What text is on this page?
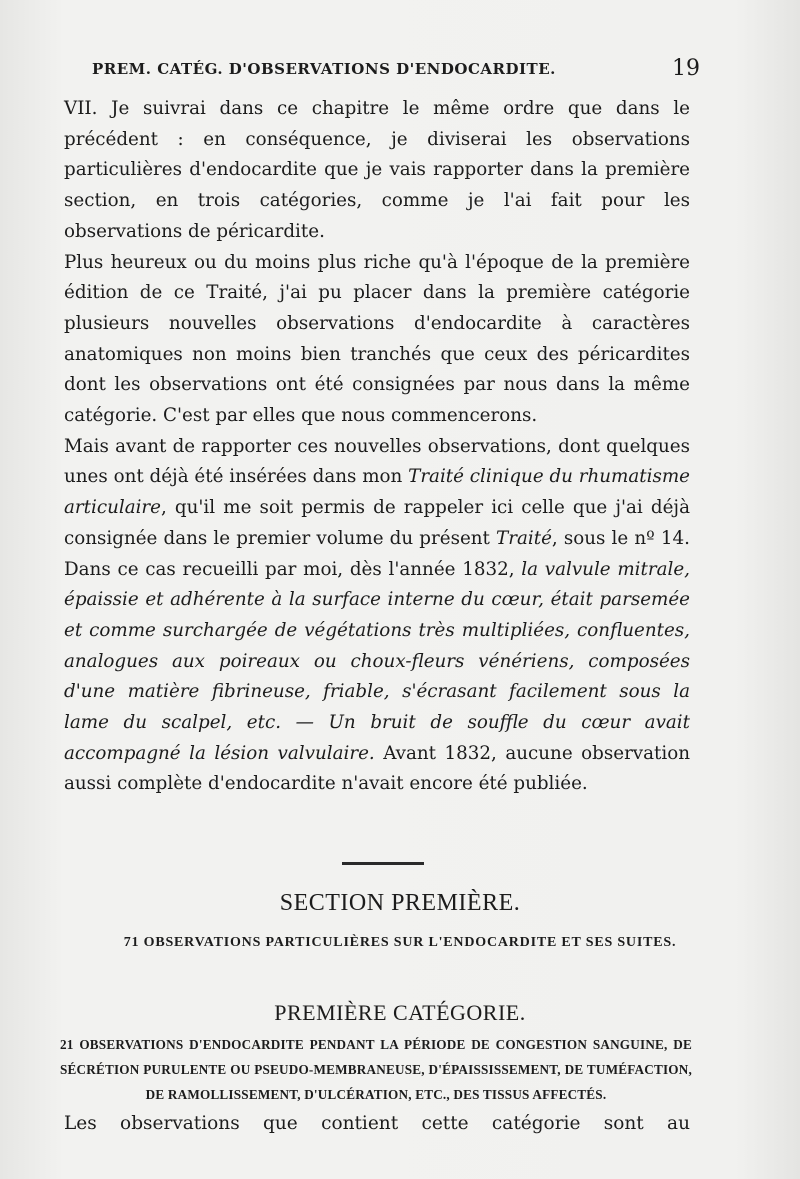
PREM. CATÉG. D'OBSERVATIONS D'ENDOCARDITE.	19

VII. Je suivrai dans ce chapitre le même ordre que dans le précédent : en conséquence, je diviserai les observations particulières d'endocardite que je vais rapporter dans la première section, en trois catégories, comme je l'ai fait pour les observations de péricardite.

Plus heureux ou du moins plus riche qu'à l'époque de la première édition de ce Traité, j'ai pu placer dans la première catégorie plusieurs nouvelles observations d'endocardite à caractères anatomiques non moins bien tranchés que ceux des péricardites dont les observations ont été consignées par nous dans la même catégorie. C'est par elles que nous commencerons.

Mais avant de rapporter ces nouvelles observations, dont quelques unes ont déjà été insérées dans mon Traité clinique du rhumatisme articulaire, qu'il me soit permis de rappeler ici celle que j'ai déjà consignée dans le premier volume du présent Traité, sous le nº 14. Dans ce cas recueilli par moi, dès l'année 1832, la valvule mitrale, épaissie et adhérente à la surface interne du cœur, était parsemée et comme surchargée de végétations très multipliées, confluentes, analogues aux poireaux ou choux-fleurs vénériens, composées d'une matière fibrineuse, friable, s'écrasant facilement sous la lame du scalpel, etc. — Un bruit de souffle du cœur avait accompagné la lésion valvulaire. Avant 1832, aucune observation aussi complète d'endocardite n'avait encore été publiée.

SECTION PREMIÈRE.
71 OBSERVATIONS PARTICULIÈRES SUR L'ENDOCARDITE ET SES SUITES.
PREMIÈRE CATÉGORIE.
21 OBSERVATIONS D'ENDOCARDITE PENDANT LA PÉRIODE DE CONGESTION SANGUINE, DE SÉCRÉTION PURULENTE OU PSEUDO-MEMBRANEUSE, D'ÉPAISSISSEMENT, DE TUMÉFACTION, DE RAMOLLISSEMENT, D'ULCÉRATION, ETC., DES TISSUS AFFECTÉS.
Les observations que contient cette catégorie sont au
